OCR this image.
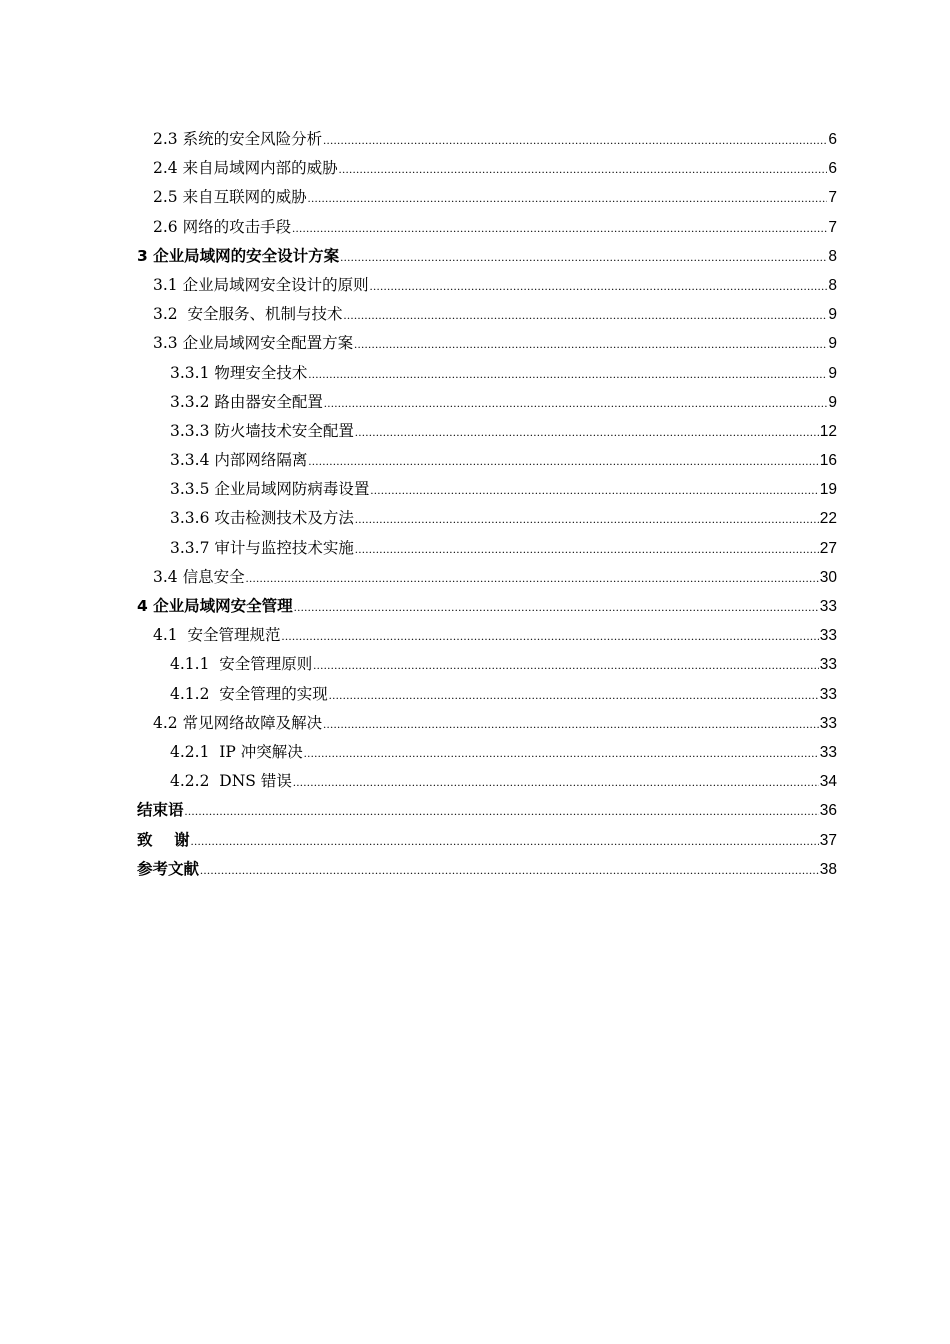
2.3 系统的安全风险分析 .....	6
2.4 来自局域网内部的威胁 .....	6
2.5 来自互联网的威胁 .....	7
2.6 网络的攻击手段 .....	7
3 企业局域网的安全设计方案 .....	8
3.1 企业局域网安全设计的原则 .....	8
3.2  安全服务、机制与技术 .....	9
3.3 企业局域网安全配置方案 .....	9
3.3.1 物理安全技术 .....	9
3.3.2 路由器安全配置 .....	9
3.3.3 防火墙技术安全配置 .....	12
3.3.4 内部网络隔离 .....	16
3.3.5 企业局域网防病毒设置 .....	19
3.3.6 攻击检测技术及方法 .....	22
3.3.7 审计与监控技术实施 .....	27
3.4 信息安全 .....	30
4 企业局域网安全管理 .....	33
4.1  安全管理规范 .....	33
4.1.1  安全管理原则 .....	33
4.1.2  安全管理的实现 .....	33
4.2 常见网络故障及解决 .....	33
4.2.1  IP 冲突解决 .....	33
4.2.2  DNS 错误 .....	34
结束语 .....	36
致    谢 .....	37
参考文献 .....	38
